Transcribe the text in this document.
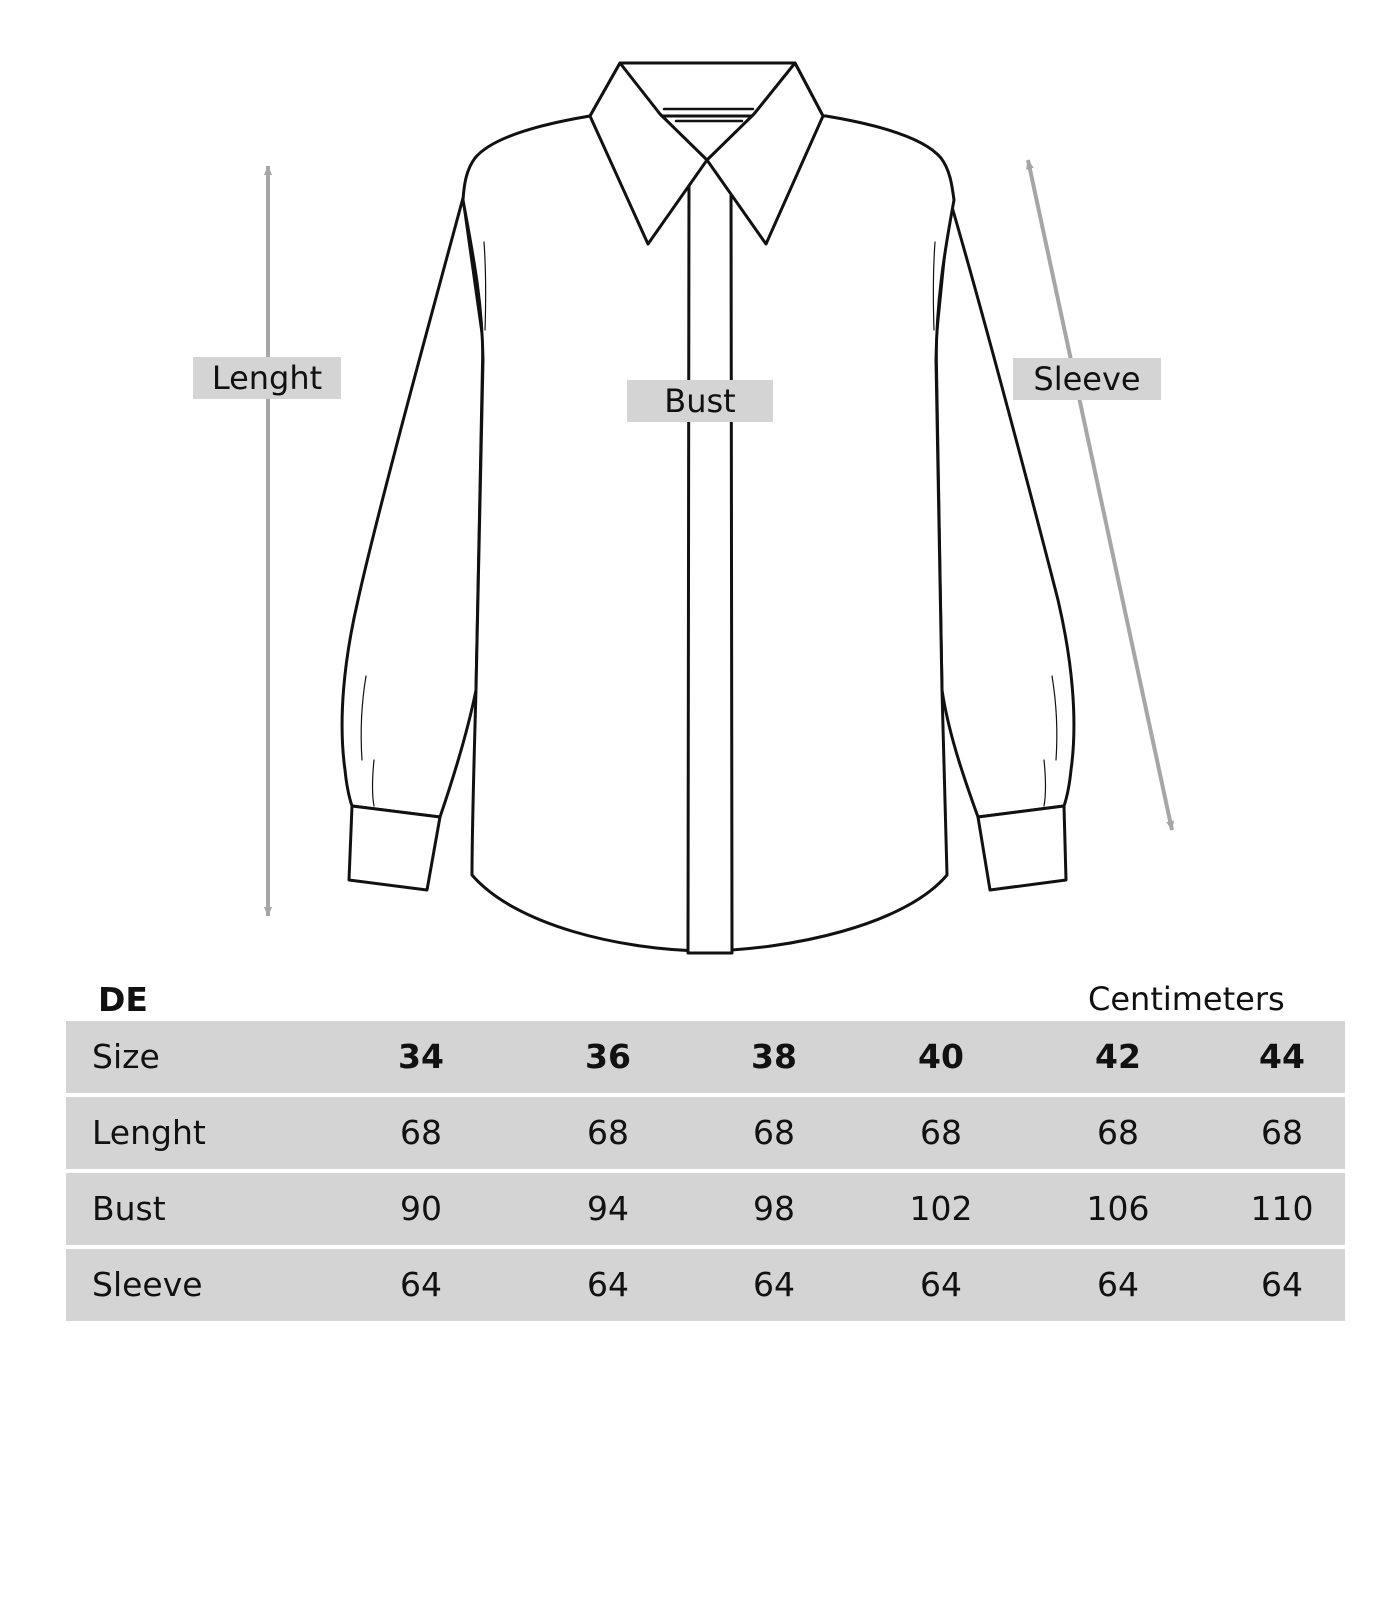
Lenght
Bust
Sleeve
DE	Centimeters
Size	34	36	38	40	42	44
Lenght	68	68	68	68	68	68
Bust	90	94	98	102	106	110
Sleeve	64	64	64	64	64	64
